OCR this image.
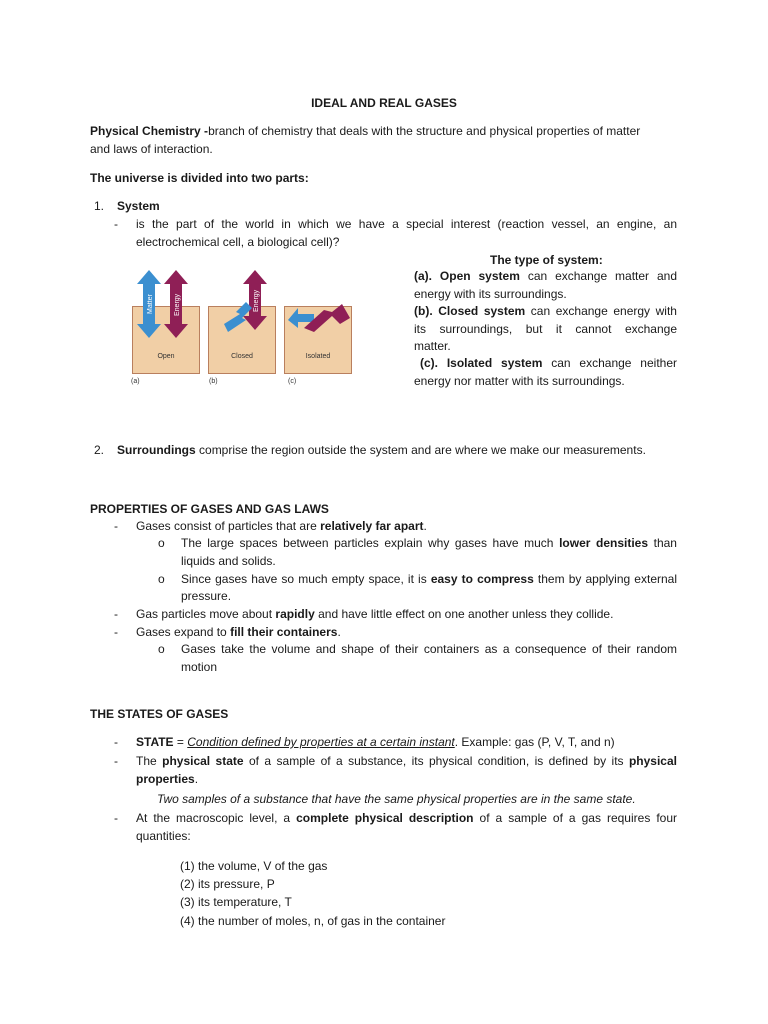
IDEAL AND REAL GASES
Physical Chemistry -branch of chemistry that deals with the structure and physical properties of matter
and laws of interaction.
The universe is divided into two parts:
1. System
- is the part of the world in which we have a special interest (reaction vessel, an engine, an
electrochemical cell, a biological cell)?
Open	Closed	Isolated
(a)	(b)	(c)
Matter	Energy	Energy
The type of system:
(a). Open system can exchange matter and
energy with its surroundings.
(b). Closed system can exchange energy with
its surroundings, but it cannot exchange
matter.
(c). Isolated system can exchange neither
energy nor matter with its surroundings.
2. Surroundings comprise the region outside the system and are where we make our measurements.
PROPERTIES OF GASES AND GAS LAWS
- Gases consist of particles that are relatively far apart.
o The large spaces between particles explain why gases have much lower densities than
liquids and solids.
o Since gases have so much empty space, it is easy to compress them by applying external
pressure.
- Gas particles move about rapidly and have little effect on one another unless they collide.
- Gases expand to fill their containers.
o Gases take the volume and shape of their containers as a consequence of their random
motion
THE STATES OF GASES
- STATE = Condition defined by properties at a certain instant. Example: gas (P, V, T, and n)
- The physical state of a sample of a substance, its physical condition, is defined by its physical
properties.
Two samples of a substance that have the same physical properties are in the same state.
- At the macroscopic level, a complete physical description of a sample of a gas requires four
quantities:
(1) the volume, V of the gas
(2) its pressure, P
(3) its temperature, T
(4) the number of moles, n, of gas in the container
